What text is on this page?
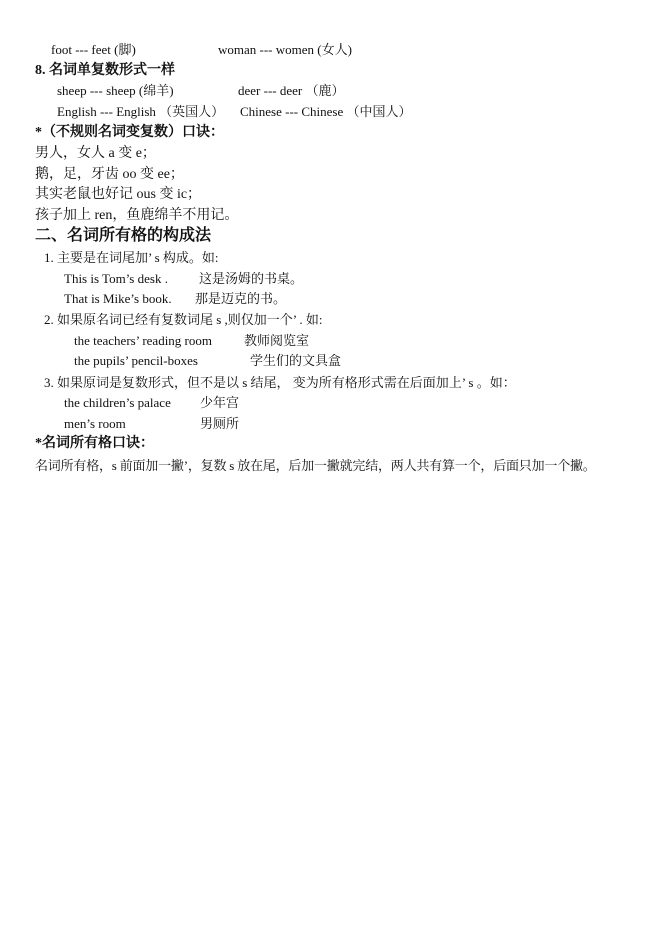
foot --- feet (脚)	woman --- women (女人)
8. 名词单复数形式一样
sheep --- sheep (绵羊)	deer --- deer （鹿）
English --- English （英国人） Chinese --- Chinese （中国人）
*（不规则名词变复数）口诀：
男人，女人 a 变 e；
鹅，足，牙齿 oo 变 ee；
其实老鼠也好记 ous 变 ic；
孩子加上 ren，鱼鹿绵羊不用记。
二、名词所有格的构成法
1. 主要是在词尾加’ s 构成。如:
This is Tom’s desk . 这是汤姆的书桌。
That is Mike’s book. 那是迈克的书。
2. 如果原名词已经有复数词尾 s ,则仅加一个’ . 如:
the teachers’ reading room 教师阅览室
the pupils’ pencil-boxes	学生们的文具盒
3. 如果原词是复数形式，但不是以 s 结尾， 变为所有格形式需在后面加上’ s 。如：
the children’s palace 少年宫
men’s room	男厕所
*名词所有格口诀：
名词所有格，s 前面加一撇’，复数 s 放在尾，后加一撇就完结，两人共有算一个，后面只加一个撇。
